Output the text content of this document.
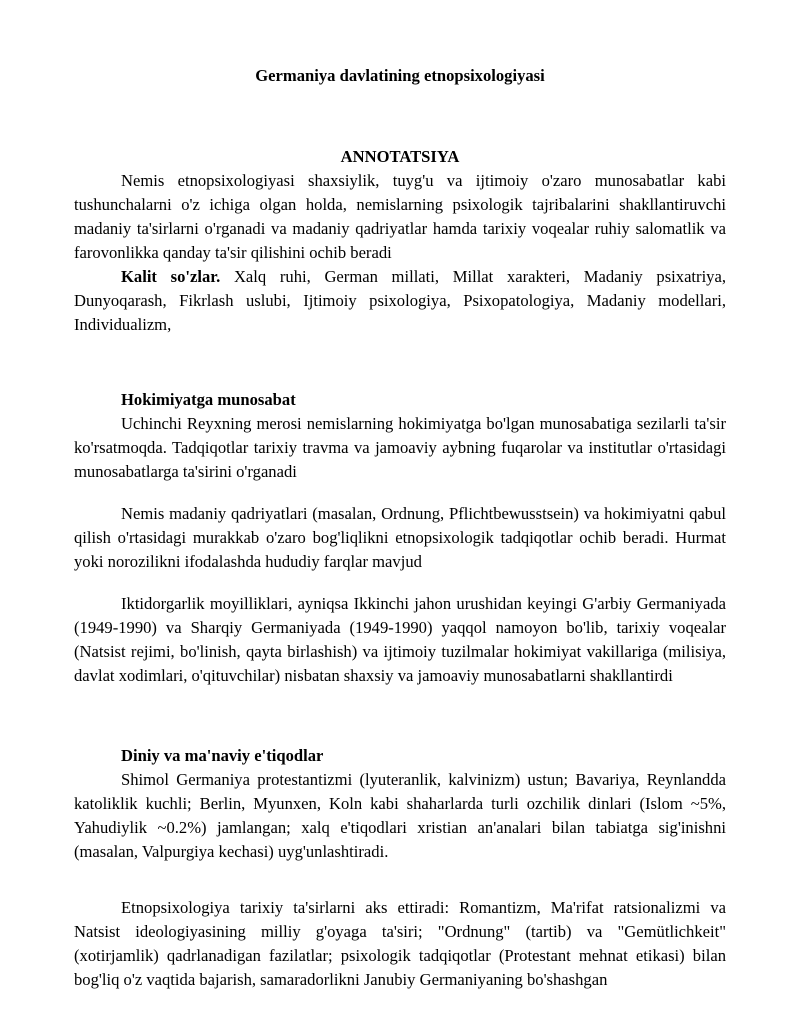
Germaniya davlatining etnopsixologiyasi
ANNOTATSIYA

Nemis etnopsixologiyasi shaxsiylik, tuyg'u va ijtimoiy o'zaro munosabatlar kabi tushunchalarni o'z ichiga olgan holda, nemislarning psixologik tajribalarini shakllantiruvchi madaniy ta'sirlarni o'rganadi va madaniy qadriyatlar hamda tarixiy voqealar ruhiy salomatlik va farovonlikka qanday ta'sir qilishini ochib beradi

Kalit so'zlar. Xalq ruhi, German millati, Millat xarakteri, Madaniy psixatriya, Dunyoqarash, Fikrlash uslubi, Ijtimoiy psixologiya, Psixopatologiya, Madaniy modellari, Individualizm,

Hokimiyatga munosabat

Uchinchi Reyxning merosi nemislarning hokimiyatga bo'lgan munosabatiga sezilarli ta'sir ko'rsatmoqda. Tadqiqotlar tarixiy travma va jamoaviy aybning fuqarolar va institutlar o'rtasidagi munosabatlarga ta'sirini o'rganadi

Nemis madaniy qadriyatlari (masalan, Ordnung, Pflichtbewusstsein) va hokimiyatni qabul qilish o'rtasidagi murakkab o'zaro bog'liqlikni etnopsixologik tadqiqotlar ochib beradi. Hurmat yoki norozilikni ifodalashda hududiy farqlar mavjud

Iktidorgarlik moyilliklari, ayniqsa Ikkinchi jahon urushidan keyingi G'arbiy Germaniyada (1949-1990) va Sharqiy Germaniyada (1949-1990) yaqqol namoyon bo'lib, tarixiy voqealar (Natsist rejimi, bo'linish, qayta birlashish) va ijtimoiy tuzilmalar hokimiyat vakillariga (milisiya, davlat xodimlari, o'qituvchilar) nisbatan shaxsiy va jamoaviy munosabatlarni shakllantirdi

Diniy va ma'naviy e'tiqodlar

Shimol Germaniya protestantizmi (lyuteranlik, kalvinizm) ustun; Bavariya, Reynlandda katoliklik kuchli; Berlin, Myunxen, Koln kabi shaharlarda turli ozchilik dinlari (Islom ~5%, Yahudiylik ~0.2%) jamlangan; xalq e'tiqodlari xristian an'analari bilan tabiatga sig'inishni (masalan, Valpurgiya kechasi) uyg'unlashtiradi.

Etnopsixologiya tarixiy ta'sirlarni aks ettiradi: Romantizm, Ma'rifat ratsionalizmi va Natsist ideologiyasining milliy g'oyaga ta'siri; "Ordnung" (tartib) va "Gemütlichkeit" (xotirjamlik) qadrlanadigan fazilatlar; psixologik tadqiqotlar (Protestant mehnat etikasi) bilan bog'liq o'z vaqtida bajarish, samaradorlikni Janubiy Germaniyaning bo'shashgan
